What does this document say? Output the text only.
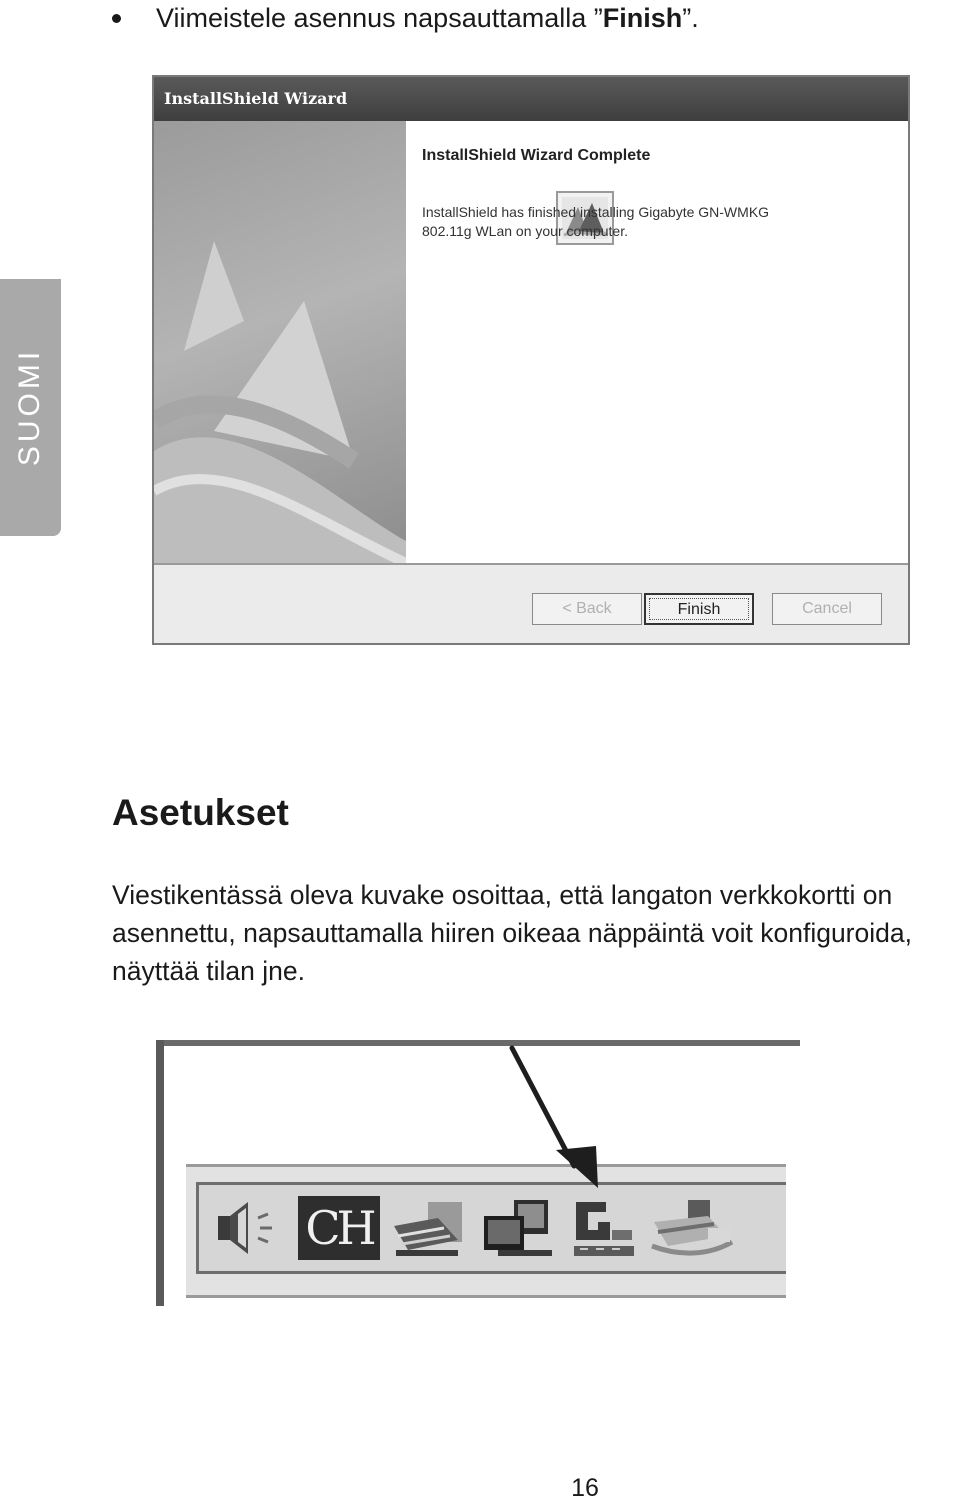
Viimeistele asennus napsauttamalla ”Finish”.
SUOMI
InstallShield Wizard
InstallShield Wizard Complete
InstallShield has finished installing Gigabyte GN-WMKG
802.11g WLan on your computer.
< Back	Finish	Cancel
Asetukset
Viestikentässä oleva kuvake osoittaa, että langaton verkkokortti on
asennettu, napsauttamalla hiiren oikeaa näppäintä voit konfiguroida,
näyttää tilan jne.
CH
16
